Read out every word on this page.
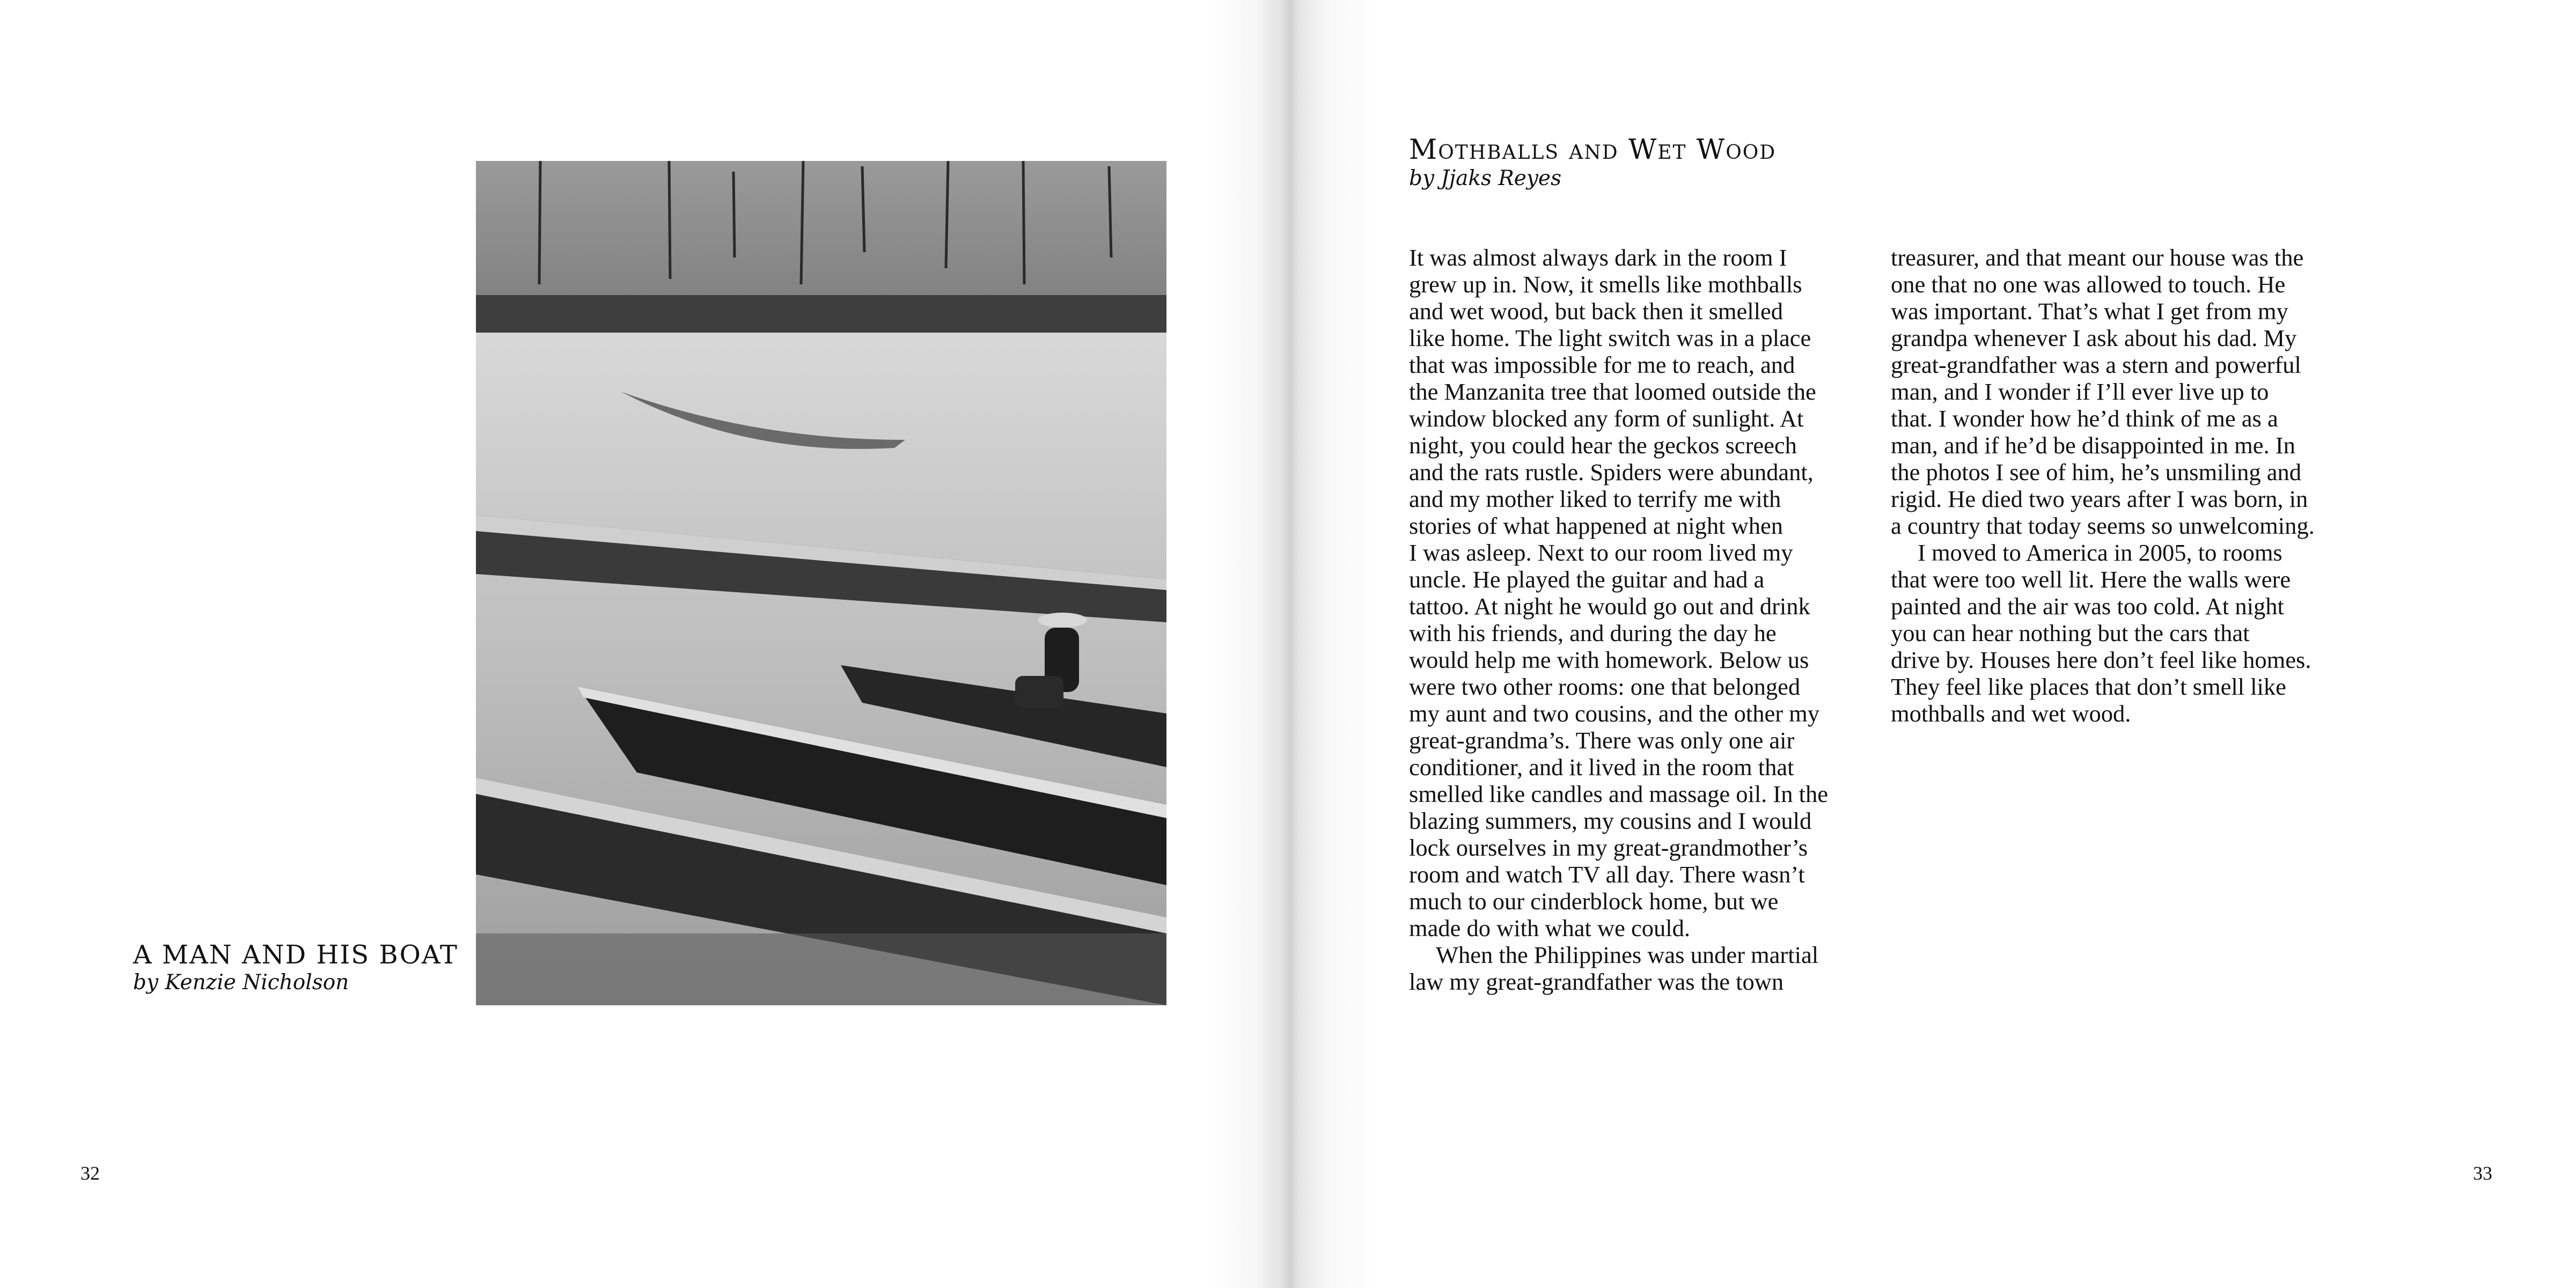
A MAN AND HIS BOAT
by Kenzie Nicholson
32
Mothballs and Wet Wood
by Jjaks Reyes

It was almost always dark in the room I
grew up in. Now, it smells like mothballs
and wet wood, but back then it smelled
like home. The light switch was in a place
that was impossible for me to reach, and
the Manzanita tree that loomed outside the
window blocked any form of sunlight. At
night, you could hear the geckos screech
and the rats rustle. Spiders were abundant,
and my mother liked to terrify me with
stories of what happened at night when
I was asleep. Next to our room lived my
uncle. He played the guitar and had a
tattoo. At night he would go out and drink
with his friends, and during the day he
would help me with homework. Below us
were two other rooms: one that belonged
my aunt and two cousins, and the other my
great-grandma’s. There was only one air
conditioner, and it lived in the room that
smelled like candles and massage oil. In the
blazing summers, my cousins and I would
lock ourselves in my great-grandmother’s
room and watch TV all day. There wasn’t
much to our cinderblock home, but we
made do with what we could.

When the Philippines was under martial
law my great-grandfather was the town

treasurer, and that meant our house was the
one that no one was allowed to touch. He
was important. That’s what I get from my
grandpa whenever I ask about his dad. My
great-grandfather was a stern and powerful
man, and I wonder if I’ll ever live up to
that. I wonder how he’d think of me as a
man, and if he’d be disappointed in me. In
the photos I see of him, he’s unsmiling and
rigid. He died two years after I was born, in
a country that today seems so unwelcoming.

I moved to America in 2005, to rooms
that were too well lit. Here the walls were
painted and the air was too cold. At night
you can hear nothing but the cars that
drive by. Houses here don’t feel like homes.
They feel like places that don’t smell like
mothballs and wet wood.

33
